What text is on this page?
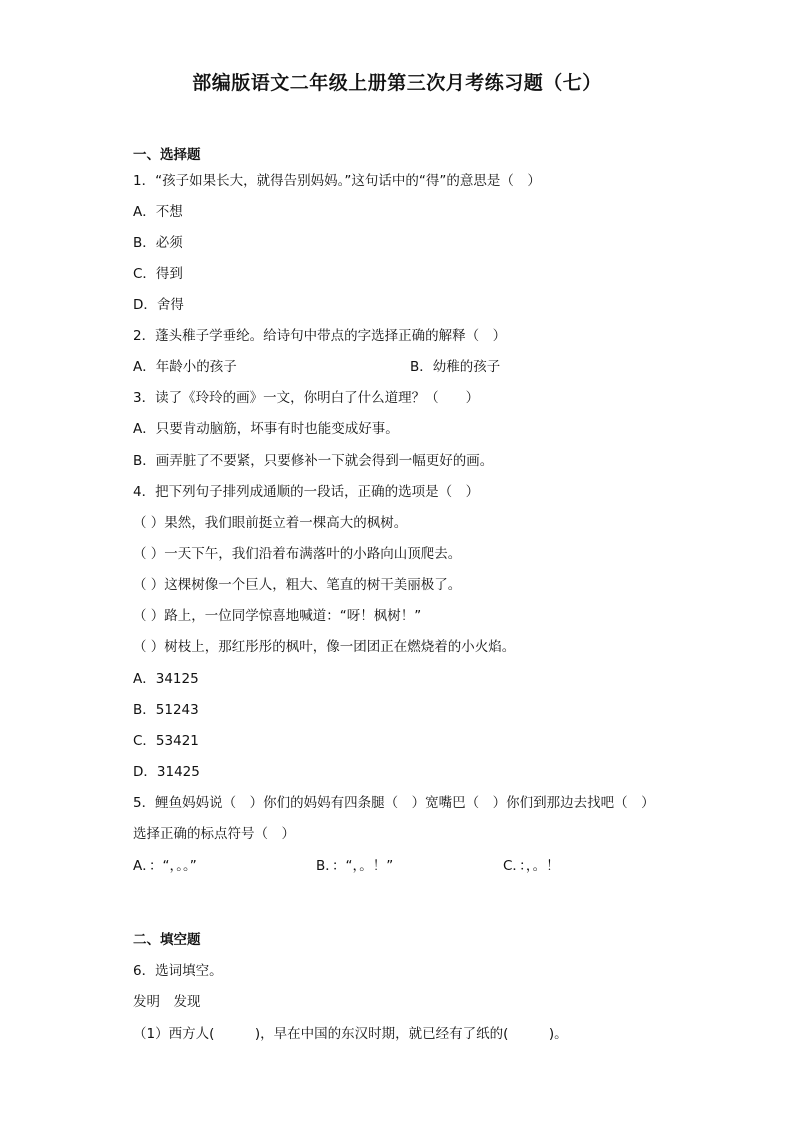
部编版语文二年级上册第三次月考练习题（七）
一、选择题
1．“孩子如果长大，就得告别妈妈。”这句话中的“得”的意思是（　）
A．不想
B．必须
C．得到
D．舍得
2．蓬头稚子学垂纶。给诗句中带点的字选择正确的解释（　）
A．年龄小的孩子	B．幼稚的孩子
3．读了《玲玲的画》一文，你明白了什么道理？（　　）
A．只要肯动脑筋，坏事有时也能变成好事。
B．画弄脏了不要紧，只要修补一下就会得到一幅更好的画。
4．把下列句子排列成通顺的一段话，正确的选项是（　）
（ ）果然，我们眼前挺立着一棵高大的枫树。
（ ）一天下午，我们沿着布满落叶的小路向山顶爬去。
（ ）这棵树像一个巨人，粗大、笔直的树干美丽极了。
（ ）路上，一位同学惊喜地喊道：“呀！枫树！”
（ ）树枝上，那红彤彤的枫叶，像一团团正在燃烧着的小火焰。
A．34125
B．51243
C．53421
D．31425
5．鲤鱼妈妈说（　）你们的妈妈有四条腿（　）宽嘴巴（　）你们到那边去找吧（　）
选择正确的标点符号（　）
A．：“，。。”	B．：“，。！”	C．：，。！
二、填空题
6．选词填空。
发明　发现
（1）西方人(　　　)，早在中国的东汉时期，就已经有了纸的(　　　)。
